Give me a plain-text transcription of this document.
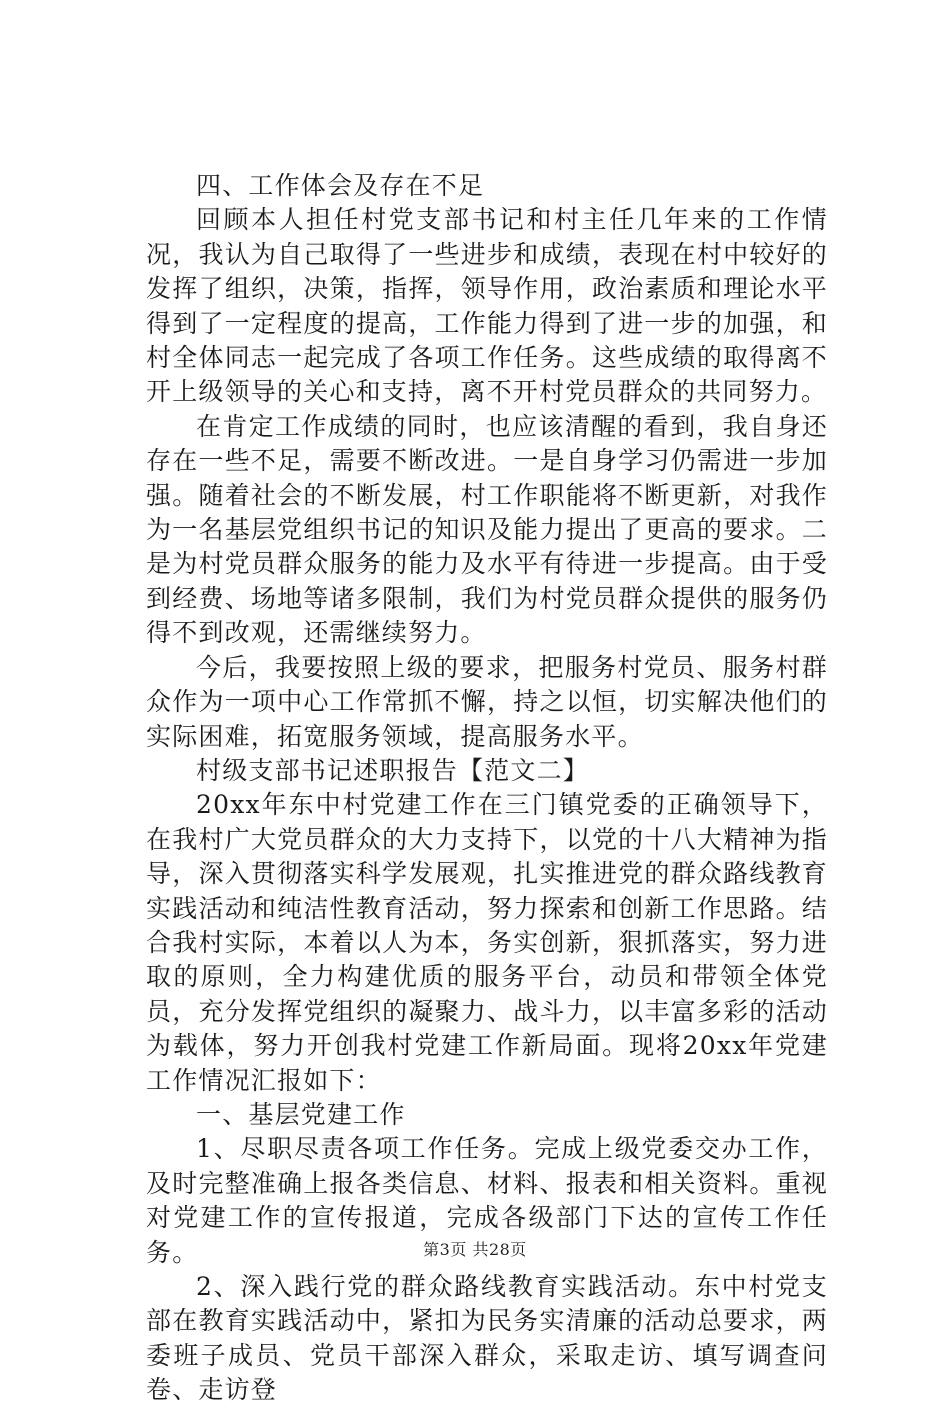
四、工作体会及存在不足

回顾本人担任村党支部书记和村主任几年来的工作情况，我认为自己取得了一些进步和成绩，表现在村中较好的发挥了组织，决策，指挥，领导作用，政治素质和理论水平得到了一定程度的提高，工作能力得到了进一步的加强，和村全体同志一起完成了各项工作任务。这些成绩的取得离不开上级领导的关心和支持，离不开村党员群众的共同努力。

在肯定工作成绩的同时，也应该清醒的看到，我自身还存在一些不足，需要不断改进。一是自身学习仍需进一步加强。随着社会的不断发展，村工作职能将不断更新，对我作为一名基层党组织书记的知识及能力提出了更高的要求。二是为村党员群众服务的能力及水平有待进一步提高。由于受到经费、场地等诸多限制，我们为村党员群众提供的服务仍得不到改观，还需继续努力。

今后，我要按照上级的要求，把服务村党员、服务村群众作为一项中心工作常抓不懈，持之以恒，切实解决他们的实际困难，拓宽服务领域，提高服务水平。

村级支部书记述职报告【范文二】

20xx年东中村党建工作在三门镇党委的正确领导下，在我村广大党员群众的大力支持下，以党的十八大精神为指导，深入贯彻落实科学发展观，扎实推进党的群众路线教育实践活动和纯洁性教育活动，努力探索和创新工作思路。结合我村实际，本着以人为本，务实创新，狠抓落实，努力进取的原则，全力构建优质的服务平台，动员和带领全体党员，充分发挥党组织的凝聚力、战斗力，以丰富多彩的活动为载体，努力开创我村党建工作新局面。现将20xx年党建工作情况汇报如下：

一、基层党建工作

1、尽职尽责各项工作任务。完成上级党委交办工作，及时完整准确上报各类信息、材料、报表和相关资料。重视对党建工作的宣传报道，完成各级部门下达的宣传工作任务。

2、深入践行党的群众路线教育实践活动。东中村党支部在教育实践活动中，紧扣为民务实清廉的活动总要求，两委班子成员、党员干部深入群众，采取走访、填写调查问卷、走访登

第3页 共28页
